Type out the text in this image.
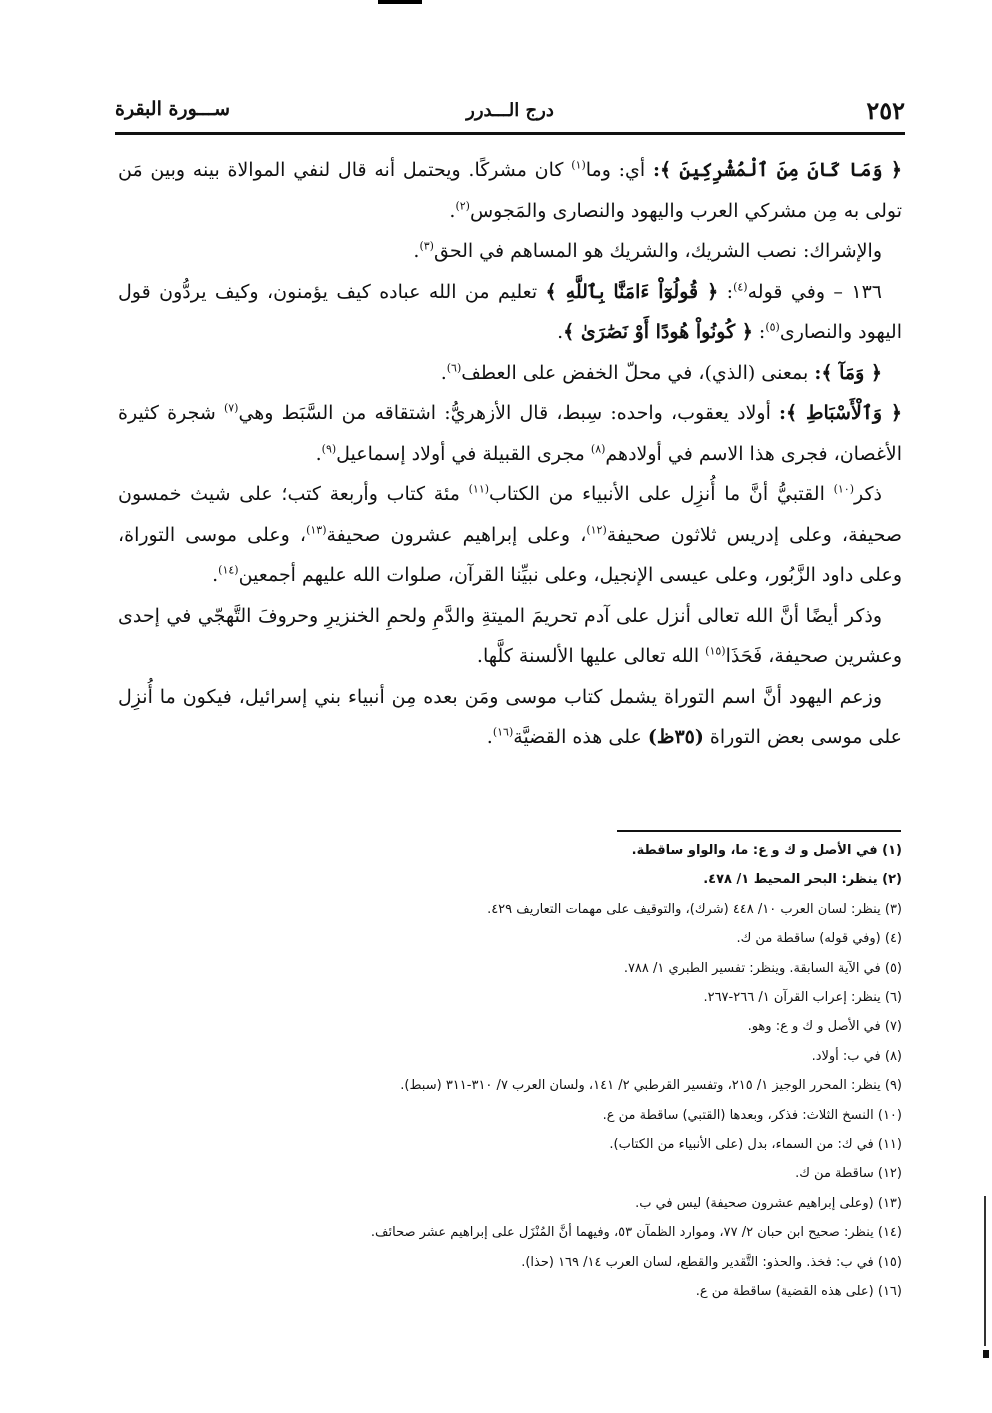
٢٥٢
درج الـــدرر
ســـورة البقرة

﴿ وَمَا كَانَ مِنَ ٱلْمُشْرِكِينَ ﴾: أي: وما$^{(١)}$ كان مشركًا. ويحتمل أنه قال لنفي الموالاة بينه وبين مَن تولى به مِن مشركي العرب واليهود والنصارى والمَجوس$^{(٢)}$.

والإشراك: نصب الشريك، والشريك هو المساهم في الحق$^{(٣)}$.

١٣٦ – وفي قوله$^{(٤)}$: ﴿ قُولُوٓاْ ءَامَنَّا بِٱللَّهِ ﴾ تعليم من الله عباده كيف يؤمنون، وكيف يردُّون قول اليهود والنصارى$^{(٥)}$: ﴿ كُونُواْ هُودًا أَوْ نَصَٰرَىٰ ﴾.

﴿ وَمَآ ﴾: بمعنى (الذي)، في محلّ الخفض على العطف$^{(٦)}$.

﴿ وَٱلْأَسْبَاطِ ﴾: أولاد يعقوب، واحده: سِبط، قال الأزهريُّ: اشتقاقه من السَّبَط وهي$^{(٧)}$ شجرة كثيرة الأغصان، فجرى هذا الاسم في أولادهم$^{(٨)}$ مجرى القبيلة في أولاد إسماعيل$^{(٩)}$.

ذكر$^{(١٠)}$ القتبيُّ أنَّ ما أُنزِل على الأنبياء من الكتاب$^{(١١)}$ مئة كتاب وأربعة كتب؛ على شيث خمسون صحيفة، وعلى إدريس ثلاثون صحيفة$^{(١٢)}$، وعلى إبراهيم عشرون صحيفة$^{(١٣)}$، وعلى موسى التوراة، وعلى داود الزَّبُور، وعلى عيسى الإنجيل، وعلى نبيِّنا القرآن، صلوات الله عليهم أجمعين$^{(١٤)}$.

وذكر أيضًا أنَّ الله تعالى أنزل على آدم تحريمَ الميتةِ والدَّمِ ولحمِ الخنزيرِ وحروفَ التَّهجّي في إحدى وعشرين صحيفة، فَحَذَا$^{(١٥)}$ الله تعالى عليها الألسنة كلَّها.

وزعم اليهود أنَّ اسم التوراة يشمل كتاب موسى ومَن بعده مِن أنبياء بني إسرائيل، فيكون ما أُنزِل على موسى بعض التوراة (٣٥ظ) على هذه القضيَّة$^{(١٦)}$.

(١) في الأصل و ك و ع: ما، والواو ساقطة.

(٢) ينظر: البحر المحيط ١/ ٤٧٨.

(٣) ينظر: لسان العرب ١٠/ ٤٤٨ (شرك)، والتوقيف على مهمات التعاريف ٤٢٩.

(٤) (وفي قوله) ساقطة من ك.

(٥) في الآية السابقة. وينظر: تفسير الطبري ١/ ٧٨٨.

(٦) ينظر: إعراب القرآن ١/ ٢٦٦-٢٦٧.

(٧) في الأصل و ك و ع: وهو.

(٨) في ب: أولاد.

(٩) ينظر: المحرر الوجيز ١/ ٢١٥، وتفسير القرطبي ٢/ ١٤١، ولسان العرب ٧/ ٣١٠-٣١١ (سبط).

(١٠) النسخ الثلاث: فذكر، وبعدها (القتبي) ساقطة من ع.

(١١) في ك: من السماء، بدل (على الأنبياء من الكتاب).

(١٢) ساقطة من ك.

(١٣) (وعلى إبراهيم عشرون صحيفة) ليس في ب.

(١٤) ينظر: صحيح ابن حبان ٢/ ٧٧، وموارد الظمآن ٥٣، وفيهما أنَّ المُنْزَل على إبراهيم عشر صحائف.

(١٥) في ب: فخذ. والحذو: التَّقدير والقطع، لسان العرب ١٤/ ١٦٩ (حذا).

(١٦) (على هذه القضية) ساقطة من ع.
